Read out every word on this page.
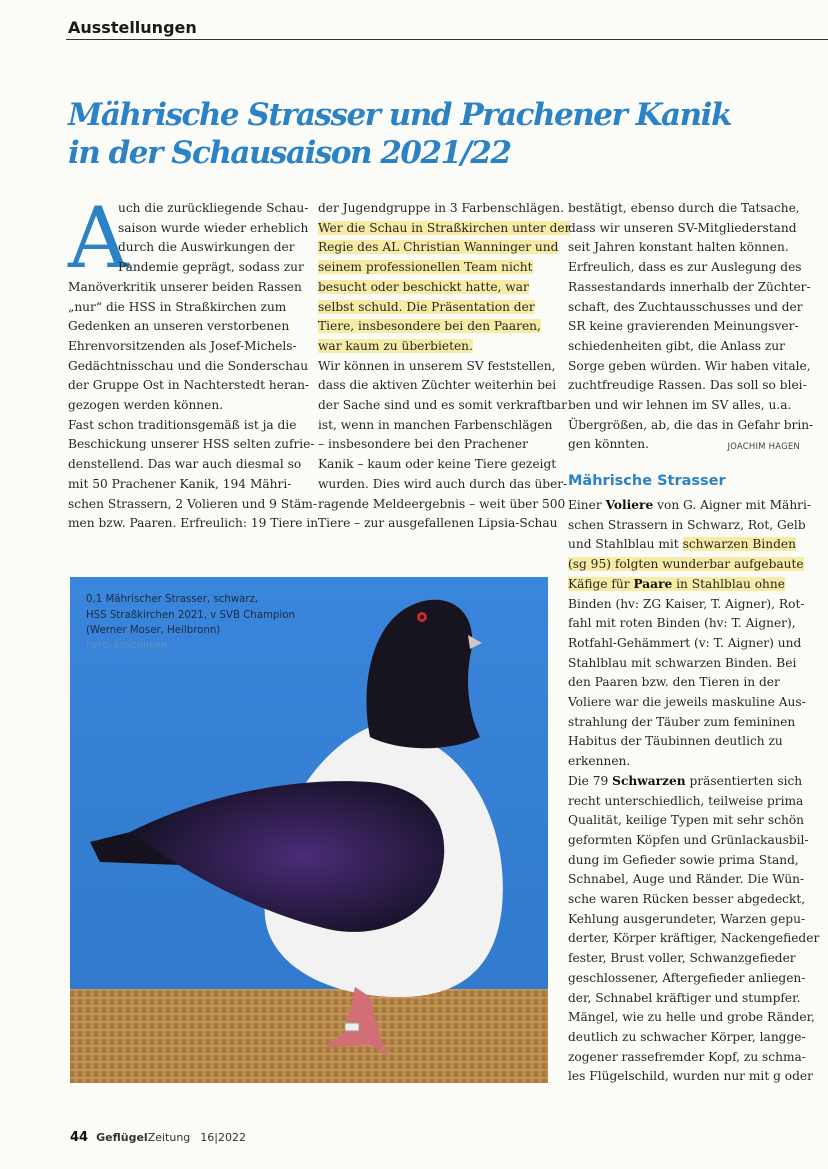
Ausstellungen
Mährische Strasser und Prachener Kanik
in der Schausaison 2021/22
A
uch die zurückliegende Schau-
saison wurde wieder erheblich
durch die Auswirkungen der
Pandemie geprägt, sodass zur
Manöverkritik unserer beiden Rassen
„nur“ die HSS in Straßkirchen zum
Gedenken an unseren verstorbenen
Ehrenvorsitzenden als Josef-Michels-
Gedächtnisschau und die Sonderschau
der Gruppe Ost in Nachterstedt heran-
gezogen werden können.
Fast schon traditionsgemäß ist ja die
Beschickung unserer HSS selten zufrie-
denstellend. Das war auch diesmal so
mit 50 Prachener Kanik, 194 Mähri-
schen Strassern, 2 Volieren und 9 Stäm-
men bzw. Paaren. Erfreulich: 19 Tiere in
der Jugendgruppe in 3 Farbenschlägen.
Wer die Schau in Straßkirchen unter der
Regie des AL Christian Wanninger und
seinem professionellen Team nicht
besucht oder beschickt hatte, war
selbst schuld. Die Präsentation der
Tiere, insbesondere bei den Paaren,
war kaum zu überbieten.
Wir können in unserem SV feststellen,
dass die aktiven Züchter weiterhin bei
der Sache sind und es somit verkraftbar
ist, wenn in manchen Farbenschlägen
– insbesondere bei den Prachener
Kanik – kaum oder keine Tiere gezeigt
wurden. Dies wird auch durch das über-
ragende Meldeergebnis – weit über 500
Tiere – zur ausgefallenen Lipsia-Schau
bestätigt, ebenso durch die Tatsache,
dass wir unseren SV-Mitgliederstand
seit Jahren konstant halten können.
Erfreulich, dass es zur Auslegung des
Rassestandards innerhalb der Züchter-
schaft, des Zuchtausschusses und der
SR keine gravierenden Meinungsver-
schiedenheiten gibt, die Anlass zur
Sorge geben würden. Wir haben vitale,
zuchtfreudige Rassen. Das soll so blei-
ben und wir lehnen im SV alles, u.a.
Übergrößen, ab, die das in Gefahr brin-
gen könnten.	JOACHIM HAGEN
Mährische Strasser
Einer Voliere von G. Aigner mit Mähri-
schen Strassern in Schwarz, Rot, Gelb
und Stahlblau mit schwarzen Binden
(sg 95) folgten wunderbar aufgebaute
Käfige für Paare in Stahlblau ohne
Binden (hv: ZG Kaiser, T. Aigner), Rot-
fahl mit roten Binden (hv: T. Aigner),
Rotfahl-Gehämmert (v: T. Aigner) und
Stahlblau mit schwarzen Binden. Bei
den Paaren bzw. den Tieren in der
Voliere war die jeweils maskuline Aus-
strahlung der Täuber zum femininen
Habitus der Täubinnen deutlich zu
erkennen.
Die 79 Schwarzen präsentierten sich
recht unterschiedlich, teilweise prima
Qualität, keilige Typen mit sehr schön
geformten Köpfen und Grünlackausbil-
dung im Gefieder sowie prima Stand,
Schnabel, Auge und Ränder. Die Wün-
sche waren Rücken besser abgedeckt,
Kehlung ausgerundeter, Warzen gepu-
derter, Körper kräftiger, Nackengefieder
fester, Brust voller, Schwanzgefieder
geschlossener, Aftergefieder anliegen-
der, Schnabel kräftiger und stumpfer.
Mängel, wie zu helle und grobe Ränder,
deutlich zu schwacher Körper, langge-
zogener rassefremder Kopf, zu schma-
les Flügelschild, wurden nur mit g oder
0,1 Mährischer Strasser, schwarz,
HSS Straßkirchen 2021, v SVB Champion
(Werner Moser, Heilbronn)
FOTO: BUSCHHORN
44 GeflügelZeitung 16|2022
